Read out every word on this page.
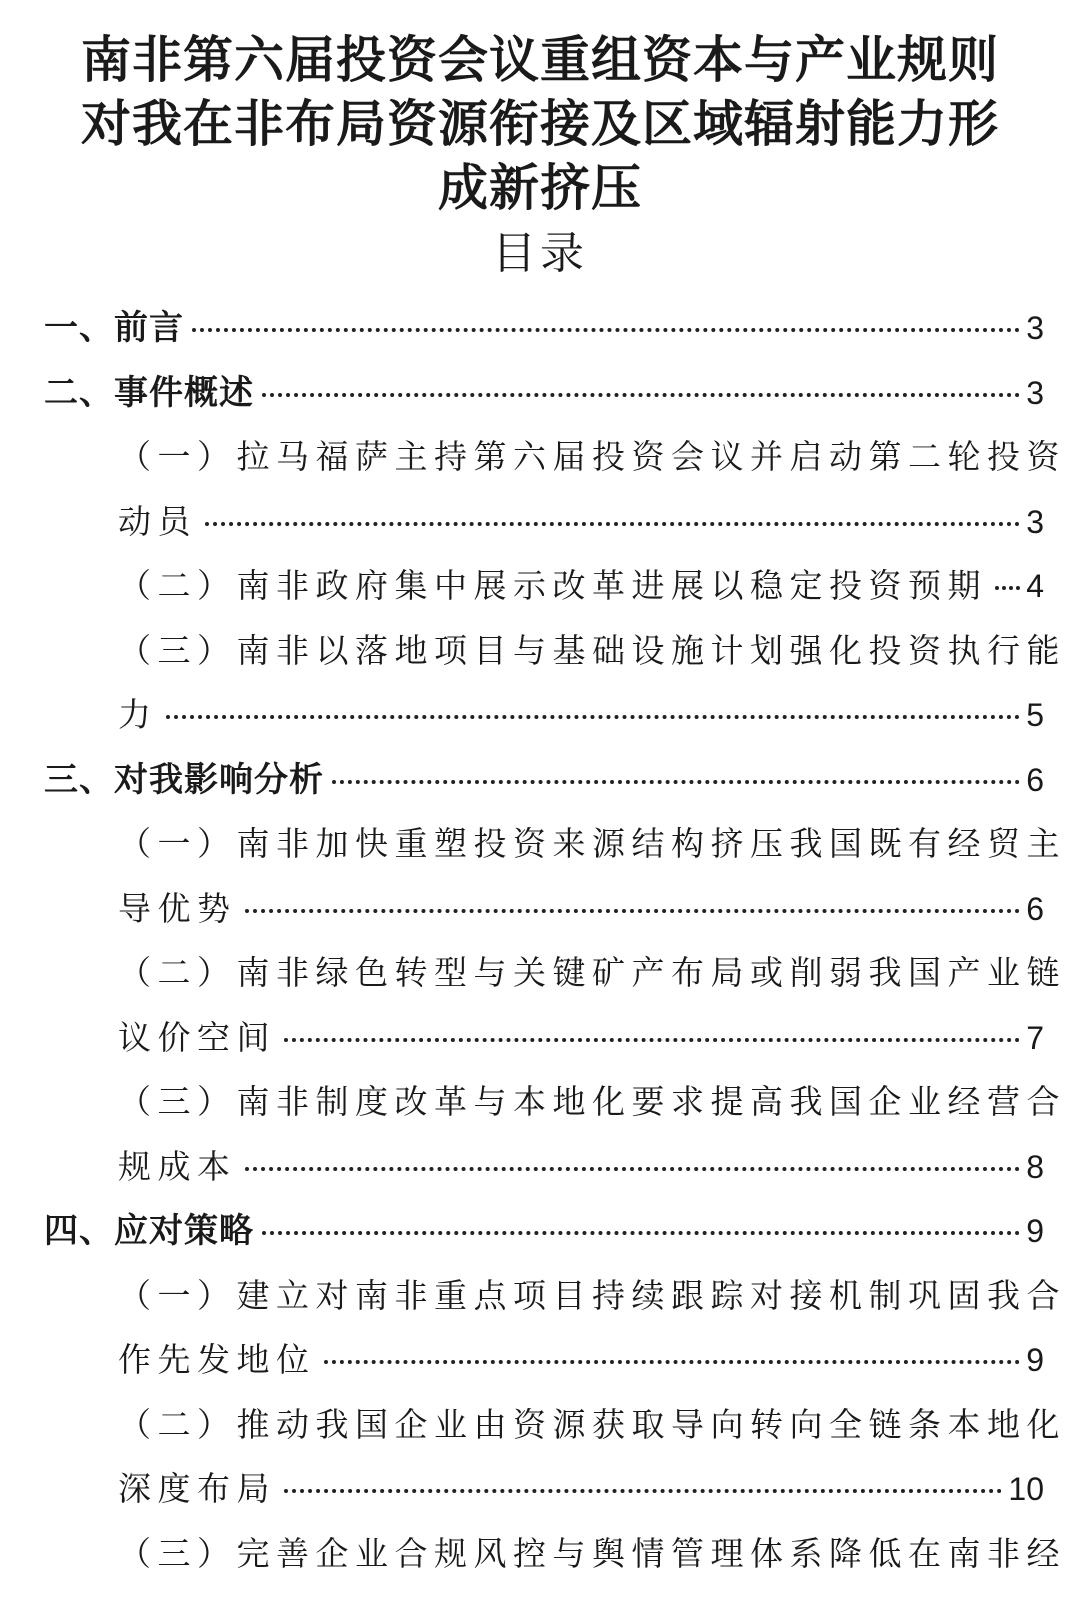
南非第六届投资会议重组资本与产业规则
对我在非布局资源衔接及区域辐射能力形
成新挤压
目录
一、前言	3
二、事件概述	3
（一）拉马福萨主持第六届投资会议并启动第二轮投资
动员	3
（二）南非政府集中展示改革进展以稳定投资预期 4
（三）南非以落地项目与基础设施计划强化投资执行能
力	5
三、对我影响分析	6
（一）南非加快重塑投资来源结构挤压我国既有经贸主
导优势	6
（二）南非绿色转型与关键矿产布局或削弱我国产业链
议价空间	7
（三）南非制度改革与本地化要求提高我国企业经营合
规成本	8
四、应对策略	9
（一）建立对南非重点项目持续跟踪对接机制巩固我合
作先发地位	9
（二）推动我国企业由资源获取导向转向全链条本地化
深度布局	10
（三）完善企业合规风控与舆情管理体系降低在南非经
